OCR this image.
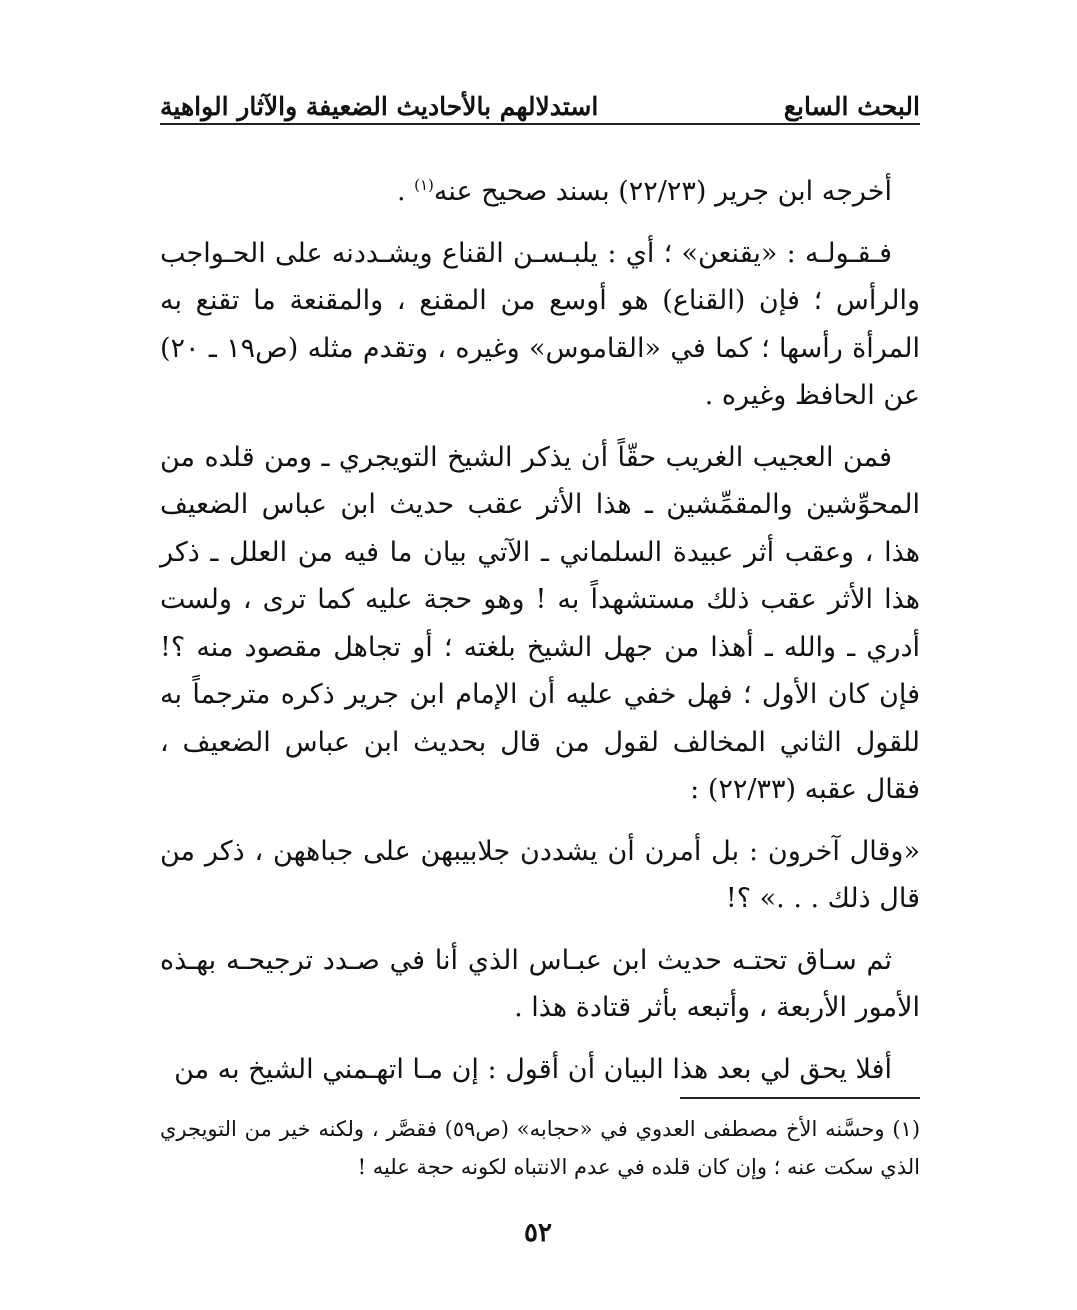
البحث السابع
استدلالهم بالأحاديث الضعيفة والآثار الواهية

أخرجه ابن جرير (٢٢/٢٣) بسند صحيح عنه$^{(١)}$ .

فـقـولـه : «يقنعن» ؛ أي : يلبـسـن القناع ويشـددنه على الحـواجب والرأس ؛ فإن (القناع) هو أوسع من المقنع ، والمقنعة ما تقنع به المرأة رأسها ؛ كما في «القاموس» وغيره ، وتقدم مثله (ص١٩ ـ ٢٠) عن الحافظ وغيره .

فمن العجيب الغريب حقّاً أن يذكر الشيخ التويجري ـ ومن قلده من المحوِّشين والمقمِّشين ـ هذا الأثر عقب حديث ابن عباس الضعيف هذا ، وعقب أثر عبيدة السلماني ـ الآتي بيان ما فيه من العلل ـ ذكر هذا الأثر عقب ذلك مستشهداً به ! وهو حجة عليه كما ترى ، ولست أدري ـ والله ـ أهذا من جهل الشيخ بلغته ؛ أو تجاهل مقصود منه ؟! فإن كان الأول ؛ فهل خفي عليه أن الإمام ابن جرير ذكره مترجماً به للقول الثاني المخالف لقول من قال بحديث ابن عباس الضعيف ، فقال عقبه (٢٢/٣٣) :

«وقال آخرون : بل أمرن أن يشددن جلابيبهن على جباههن ، ذكر من قال ذلك . . .» ؟!

ثم سـاق تحتـه حديث ابن عبـاس الذي أنا في صـدد ترجيحـه بهـذه الأمور الأربعة ، وأتبعه بأثر قتادة هذا .

أفلا يحق لي بعد هذا البيان أن أقول : إن مـا اتهـمني الشيخ به من

(١) وحسَّنه الأخ مصطفى العدوي في «حجابه» (ص٥٩) فقصَّر ، ولكنه خير من التويجري الذي سكت عنه ؛ وإن كان قلده في عدم الانتباه لكونه حجة عليه !
٥٢
